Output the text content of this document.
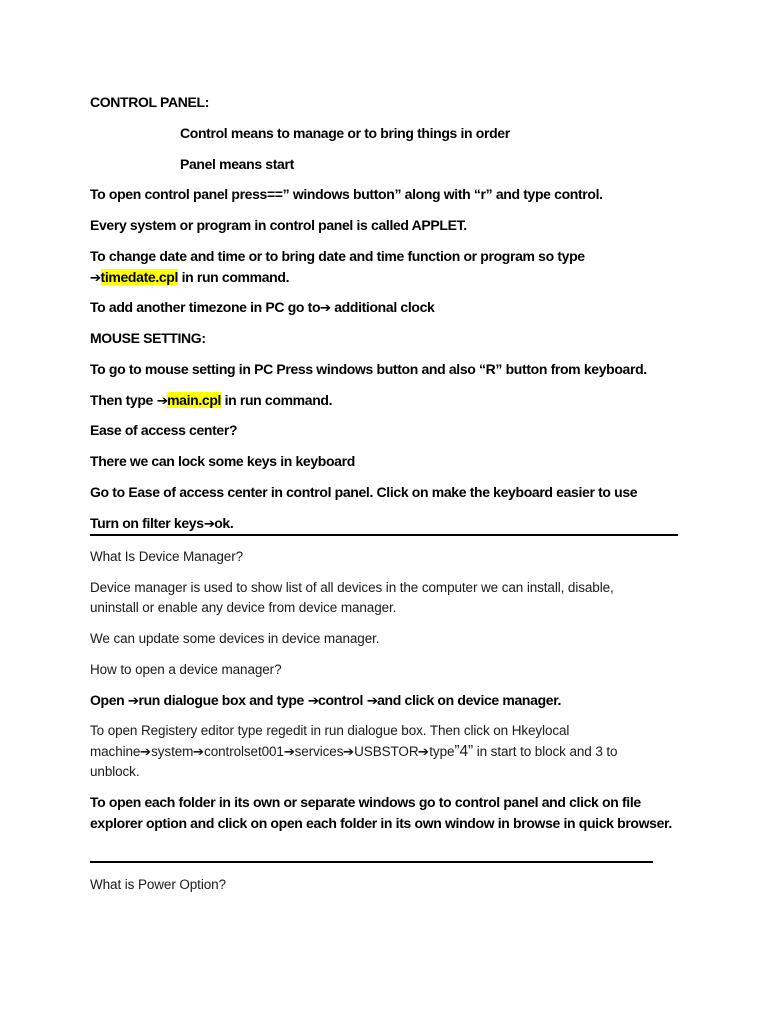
CONTROL PANEL:

Control means to manage or to bring things in order

Panel means start

To open control panel press==” windows button” along with “r” and type control.

Every system or program in control panel is called APPLET.

To change date and time or to bring date and time function or program so type

➔timedate.cpl in run command.

To add another timezone in PC go to➔ additional clock

MOUSE SETTING:

To go to mouse setting in PC Press windows button and also “R” button from keyboard.

Then type ➔main.cpl in run command.

Ease of access center?

There we can lock some keys in keyboard

Go to Ease of access center in control panel. Click on make the keyboard easier to use

Turn on filter keys➔ok.

What Is Device Manager?

Device manager is used to show list of all devices in the computer we can install, disable,

uninstall or enable any device from device manager.

We can update some devices in device manager.

How to open a device manager?

Open ➔run dialogue box and type ➔control ➔and click on device manager.

To open Registery editor type regedit in run dialogue box. Then click on Hkeylocal

machine➔system➔controlset001➔services➔USBSTOR➔type”4” in start to block and 3 to

unblock.

To open each folder in its own or separate windows go to control panel and click on file

explorer option and click on open each folder in its own window in browse in quick browser.

What is Power Option?
